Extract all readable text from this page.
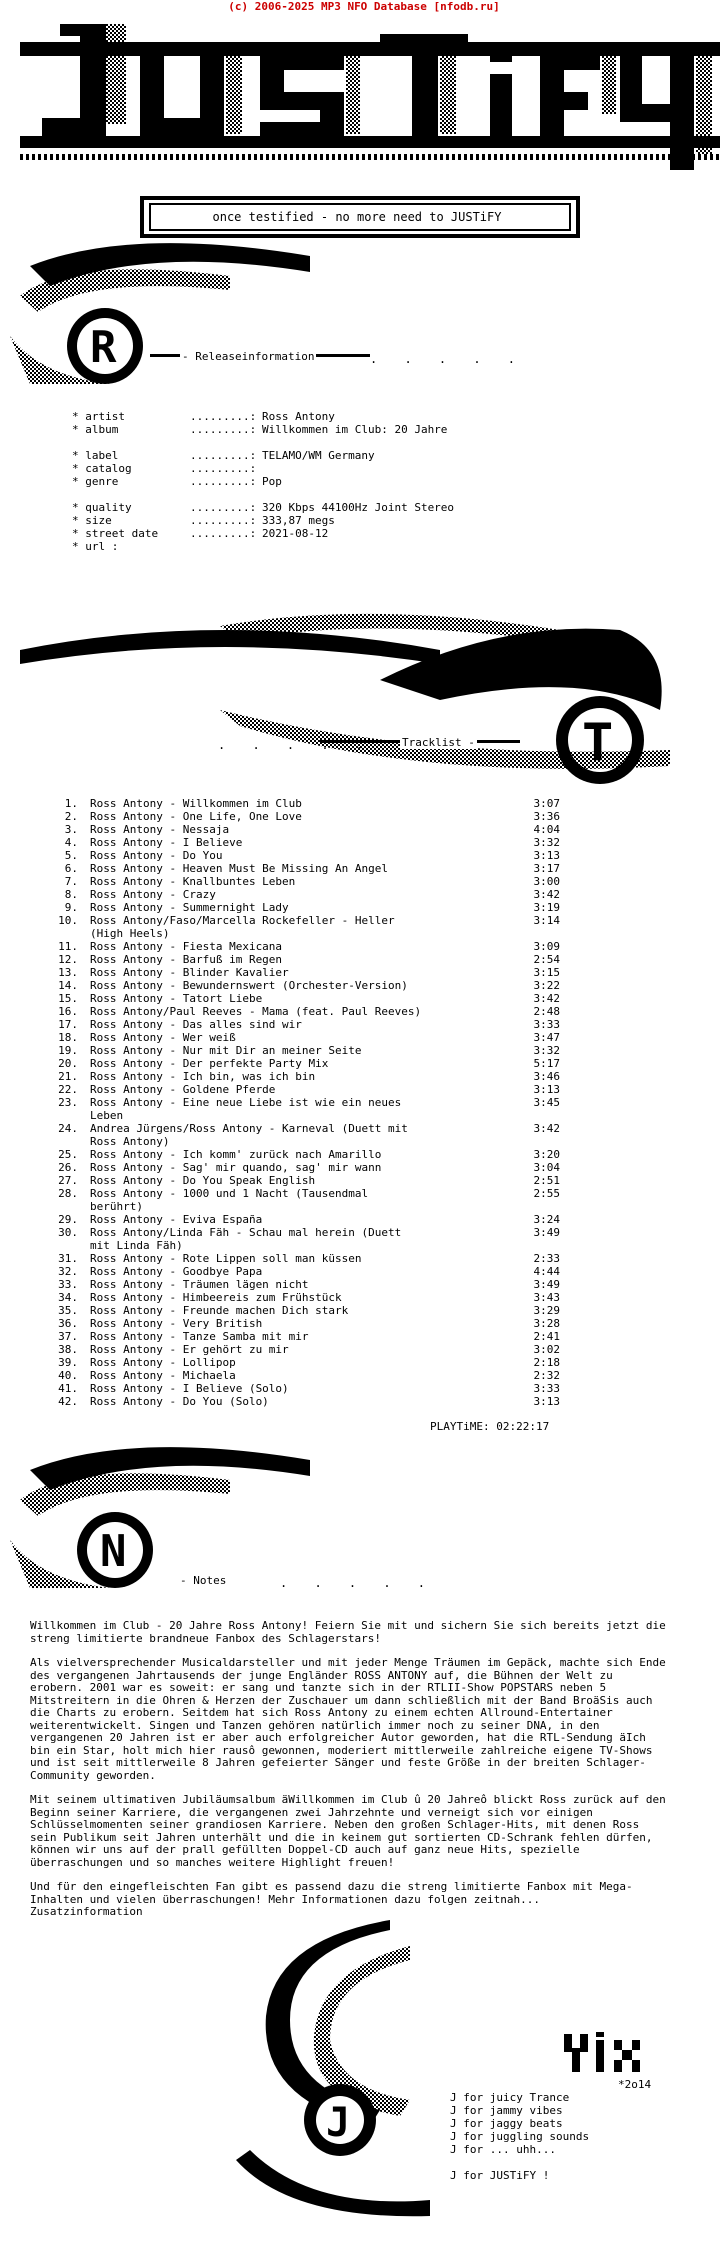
(c) 2006-2025 MP3 NFO Database [nfodb.ru]
once testified - no more need to JUSTiFY
R	- Releaseinformation	. . . . .
* artist	.........: Ross Antony
* album	.........: Willkommen im Club: 20 Jahre
* label	.........: TELAMO/WM Germany
* catalog	.........:
* genre	.........: Pop
* quality	.........: 320 Kbps 44100Hz Joint Stereo
* size	.........: 333,87 megs
* street date	.........: 2021-08-12
* url :
T
. . . . .	Tracklist -
1.	Ross Antony - Willkommen im Club	3:07
2.	Ross Antony - One Life, One Love	3:36
3.	Ross Antony - Nessaja	4:04
4.	Ross Antony - I Believe	3:32
5.	Ross Antony - Do You	3:13
6.	Ross Antony - Heaven Must Be Missing An Angel	3:17
7.	Ross Antony - Knallbuntes Leben	3:00
8.	Ross Antony - Crazy	3:42
9.	Ross Antony - Summernight Lady	3:19
10.	Ross Antony/Faso/Marcella Rockefeller - Heller	3:14
(High Heels)
11.	Ross Antony - Fiesta Mexicana	3:09
12.	Ross Antony - Barfuß im Regen	2:54
13.	Ross Antony - Blinder Kavalier	3:15
14.	Ross Antony - Bewundernswert (Orchester-Version)	3:22
15.	Ross Antony - Tatort Liebe	3:42
16.	Ross Antony/Paul Reeves - Mama (feat. Paul Reeves)	2:48
17.	Ross Antony - Das alles sind wir	3:33
18.	Ross Antony - Wer weiß	3:47
19.	Ross Antony - Nur mit Dir an meiner Seite	3:32
20.	Ross Antony - Der perfekte Party Mix	5:17
21.	Ross Antony - Ich bin, was ich bin	3:46
22.	Ross Antony - Goldene Pferde	3:13
23.	Ross Antony - Eine neue Liebe ist wie ein neues	3:45
Leben
24.	Andrea Jürgens/Ross Antony - Karneval (Duett mit	3:42
Ross Antony)
25.	Ross Antony - Ich komm' zurück nach Amarillo	3:20
26.	Ross Antony - Sag' mir quando, sag' mir wann	3:04
27.	Ross Antony - Do You Speak English	2:51
28.	Ross Antony - 1000 und 1 Nacht (Tausendmal	2:55
berührt)
29.	Ross Antony - Eviva España	3:24
30.	Ross Antony/Linda Fäh - Schau mal herein (Duett	3:49
mit Linda Fäh)
31.	Ross Antony - Rote Lippen soll man küssen	2:33
32.	Ross Antony - Goodbye Papa	4:44
33.	Ross Antony - Träumen lägen nicht	3:49
34.	Ross Antony - Himbeereis zum Frühstück	3:43
35.	Ross Antony - Freunde machen Dich stark	3:29
36.	Ross Antony - Very British	3:28
37.	Ross Antony - Tanze Samba mit mir	2:41
38.	Ross Antony - Er gehört zu mir	3:02
39.	Ross Antony - Lollipop	2:18
40.	Ross Antony - Michaela	2:32
41.	Ross Antony - I Believe (Solo)	3:33
42.	Ross Antony - Do You (Solo)	3:13
PLAYTiME: 02:22:17
N
- Notes	. . . . .

Willkommen im Club - 20 Jahre Ross Antony! Feiern Sie mit und sichern Sie sich bereits jetzt die streng limitierte brandneue Fanbox des Schlagerstars!

Als vielversprechender Musicaldarsteller und mit jeder Menge Träumen im Gepäck, machte sich Ende des vergangenen Jahrtausends der junge Engländer ROSS ANTONY auf, die Bühnen der Welt zu erobern. 2001 war es soweit: er sang und tanzte sich in der RTLII-Show POPSTARS neben 5 Mitstreitern in die Ohren & Herzen der Zuschauer um dann schließlich mit der Band BroäSis auch die Charts zu erobern. Seitdem hat sich Ross Antony zu einem echten Allround-Entertainer weiterentwickelt. Singen und Tanzen gehören natürlich immer noch zu seiner DNA, in den vergangenen 20 Jahren ist er aber auch erfolgreicher Autor geworden, hat die RTL-Sendung äIch bin ein Star, holt mich hier rausô gewonnen, moderiert mittlerweile zahlreiche eigene TV-Shows und ist seit mittlerweile 8 Jahren gefeierter Sänger und feste Größe in der breiten Schlager-Community geworden.

Mit seinem ultimativen Jubiläumsalbum äWillkommen im Club û 20 Jahreô blickt Ross zurück auf den Beginn seiner Karriere, die vergangenen zwei Jahrzehnte und verneigt sich vor einigen Schlüsselmomenten seiner grandiosen Karriere. Neben den großen Schlager-Hits, mit denen Ross sein Publikum seit Jahren unterhält und die in keinem gut sortierten CD-Schrank fehlen dürfen, können wir uns auf der prall gefüllten Doppel-CD auch auf ganz neue Hits, spezielle überraschungen und so manches weitere Highlight freuen!

Und für den eingefleischten Fan gibt es passend dazu die streng limitierte Fanbox mit Mega-Inhalten und vielen überraschungen! Mehr Informationen dazu folgen zeitnah...
Zusatzinformation

J
*2o14
J for juicy Trance
J for jammy vibes
J for jaggy beats
J for juggling sounds
J for ... uhh...
J for JUSTiFY !
